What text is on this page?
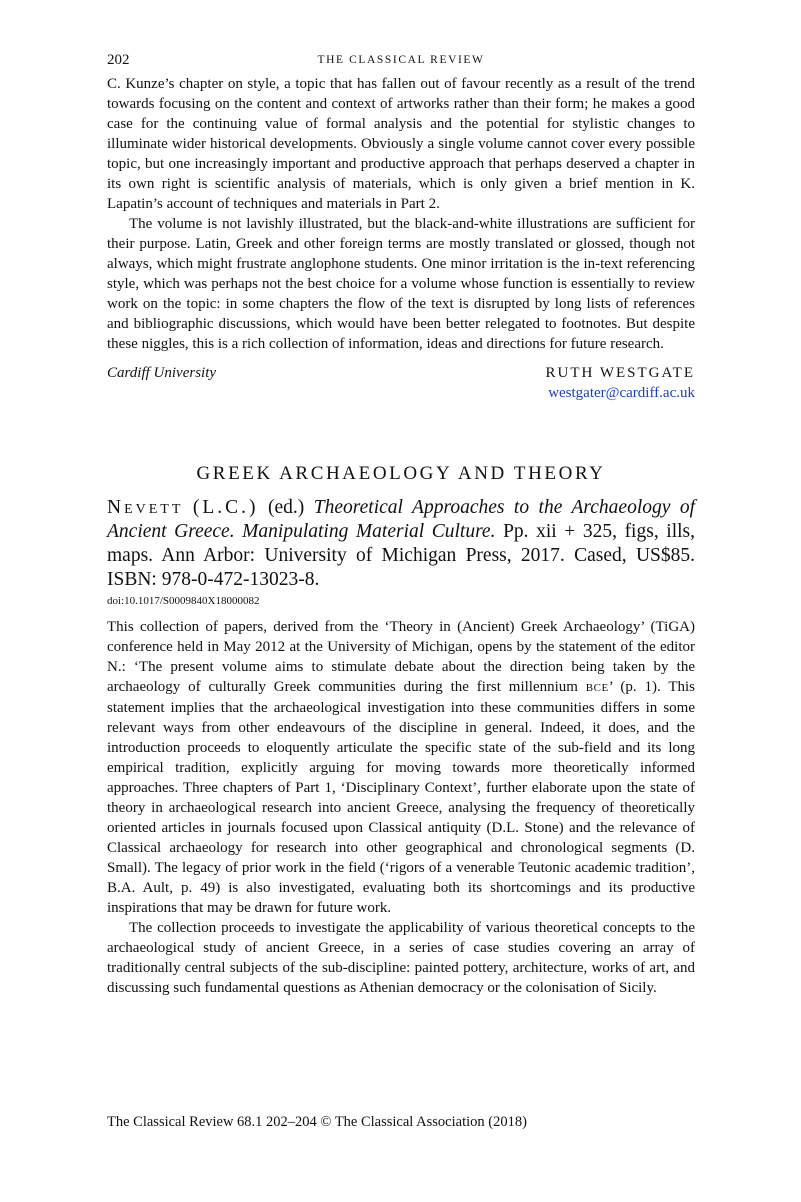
202	THE CLASSICAL REVIEW

C. Kunze’s chapter on style, a topic that has fallen out of favour recently as a result of the trend towards focusing on the content and context of artworks rather than their form; he makes a good case for the continuing value of formal analysis and the potential for stylistic changes to illuminate wider historical developments. Obviously a single volume cannot cover every possible topic, but one increasingly important and productive approach that perhaps deserved a chapter in its own right is scientific analysis of materials, which is only given a brief mention in K. Lapatin’s account of techniques and materials in Part 2.

The volume is not lavishly illustrated, but the black-and-white illustrations are sufficient for their purpose. Latin, Greek and other foreign terms are mostly translated or glossed, though not always, which might frustrate anglophone students. One minor irritation is the in-text referencing style, which was perhaps not the best choice for a volume whose function is essentially to review work on the topic: in some chapters the flow of the text is disrupted by long lists of references and bibliographic discussions, which would have been better relegated to footnotes. But despite these niggles, this is a rich collection of information, ideas and directions for future research.

Cardiff University	RUTH WESTGATE
westgater@cardiff.ac.uk
GREEK ARCHAEOLOGY AND THEORY
Nevett (L.C.) (ed.) Theoretical Approaches to the Archaeology of Ancient Greece. Manipulating Material Culture. Pp. xii + 325, figs, ills, maps. Ann Arbor: University of Michigan Press, 2017. Cased, US$85. ISBN: 978-0-472-13023-8.
doi:10.1017/S0009840X18000082

This collection of papers, derived from the ‘Theory in (Ancient) Greek Archaeology’ (TiGA) conference held in May 2012 at the University of Michigan, opens by the statement of the editor N.: ‘The present volume aims to stimulate debate about the direction being taken by the archaeology of culturally Greek communities during the first millennium BCE’ (p. 1). This statement implies that the archaeological investigation into these communities differs in some relevant ways from other endeavours of the discipline in general. Indeed, it does, and the introduction proceeds to eloquently articulate the specific state of the sub-field and its long empirical tradition, explicitly arguing for moving towards more theoretically informed approaches. Three chapters of Part 1, ‘Disciplinary Context’, further elaborate upon the state of theory in archaeological research into ancient Greece, analysing the frequency of theoretically oriented articles in journals focused upon Classical antiquity (D.L. Stone) and the relevance of Classical archaeology for research into other geographical and chronological segments (D. Small). The legacy of prior work in the field (‘rigors of a venerable Teutonic academic tradition’, B.A. Ault, p. 49) is also investigated, evaluating both its shortcomings and its productive inspirations that may be drawn for future work.

The collection proceeds to investigate the applicability of various theoretical concepts to the archaeological study of ancient Greece, in a series of case studies covering an array of traditionally central subjects of the sub-discipline: painted pottery, architecture, works of art, and discussing such fundamental questions as Athenian democracy or the colonisation of Sicily.

The Classical Review 68.1 202–204 © The Classical Association (2018)
